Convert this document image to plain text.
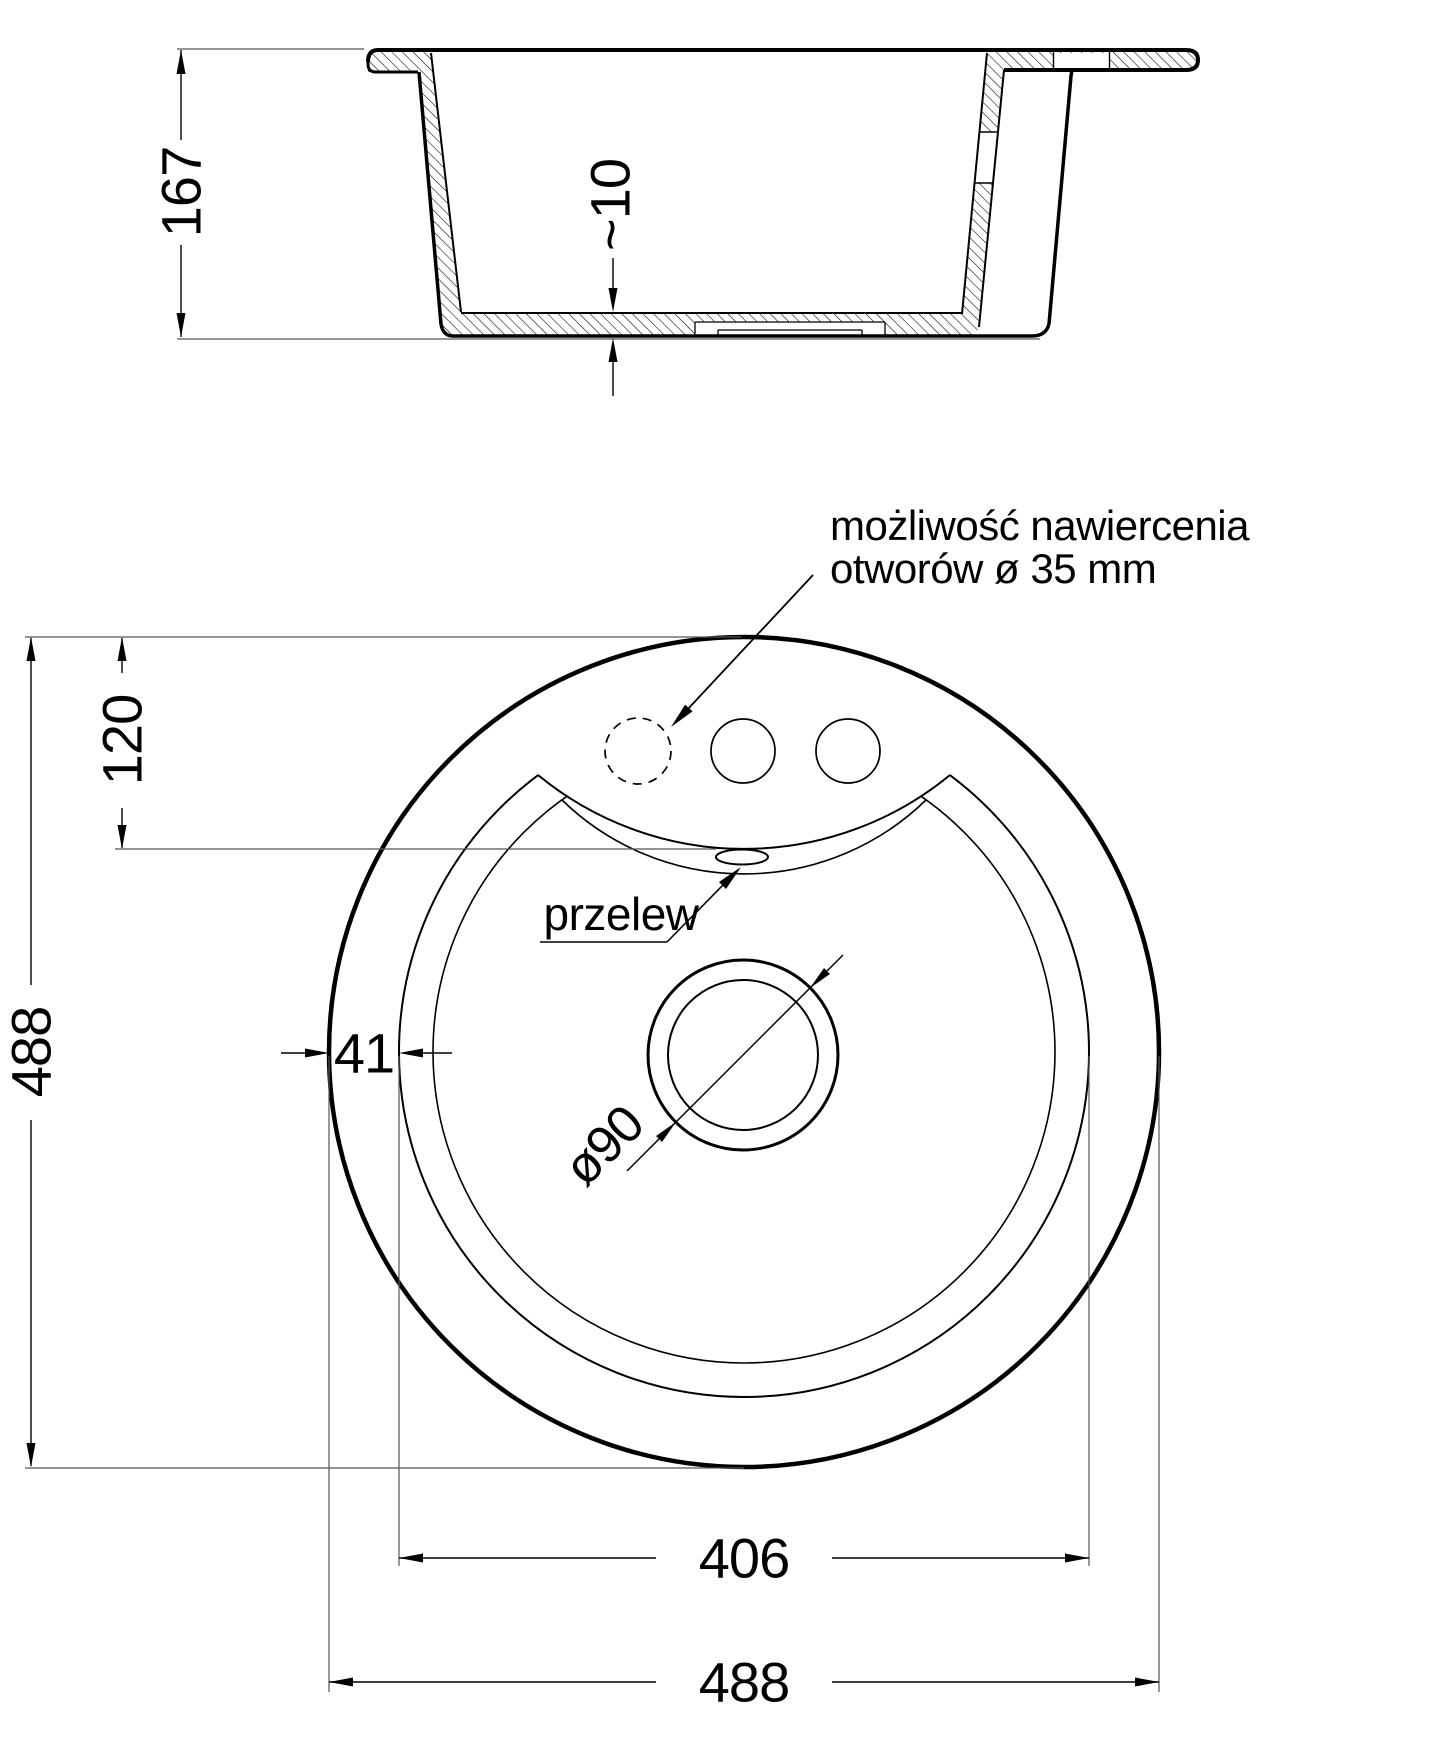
167	~10
ø90
przelew
możliwość nawiercenia
otworów ø 35 mm
488
120
41
406
488
